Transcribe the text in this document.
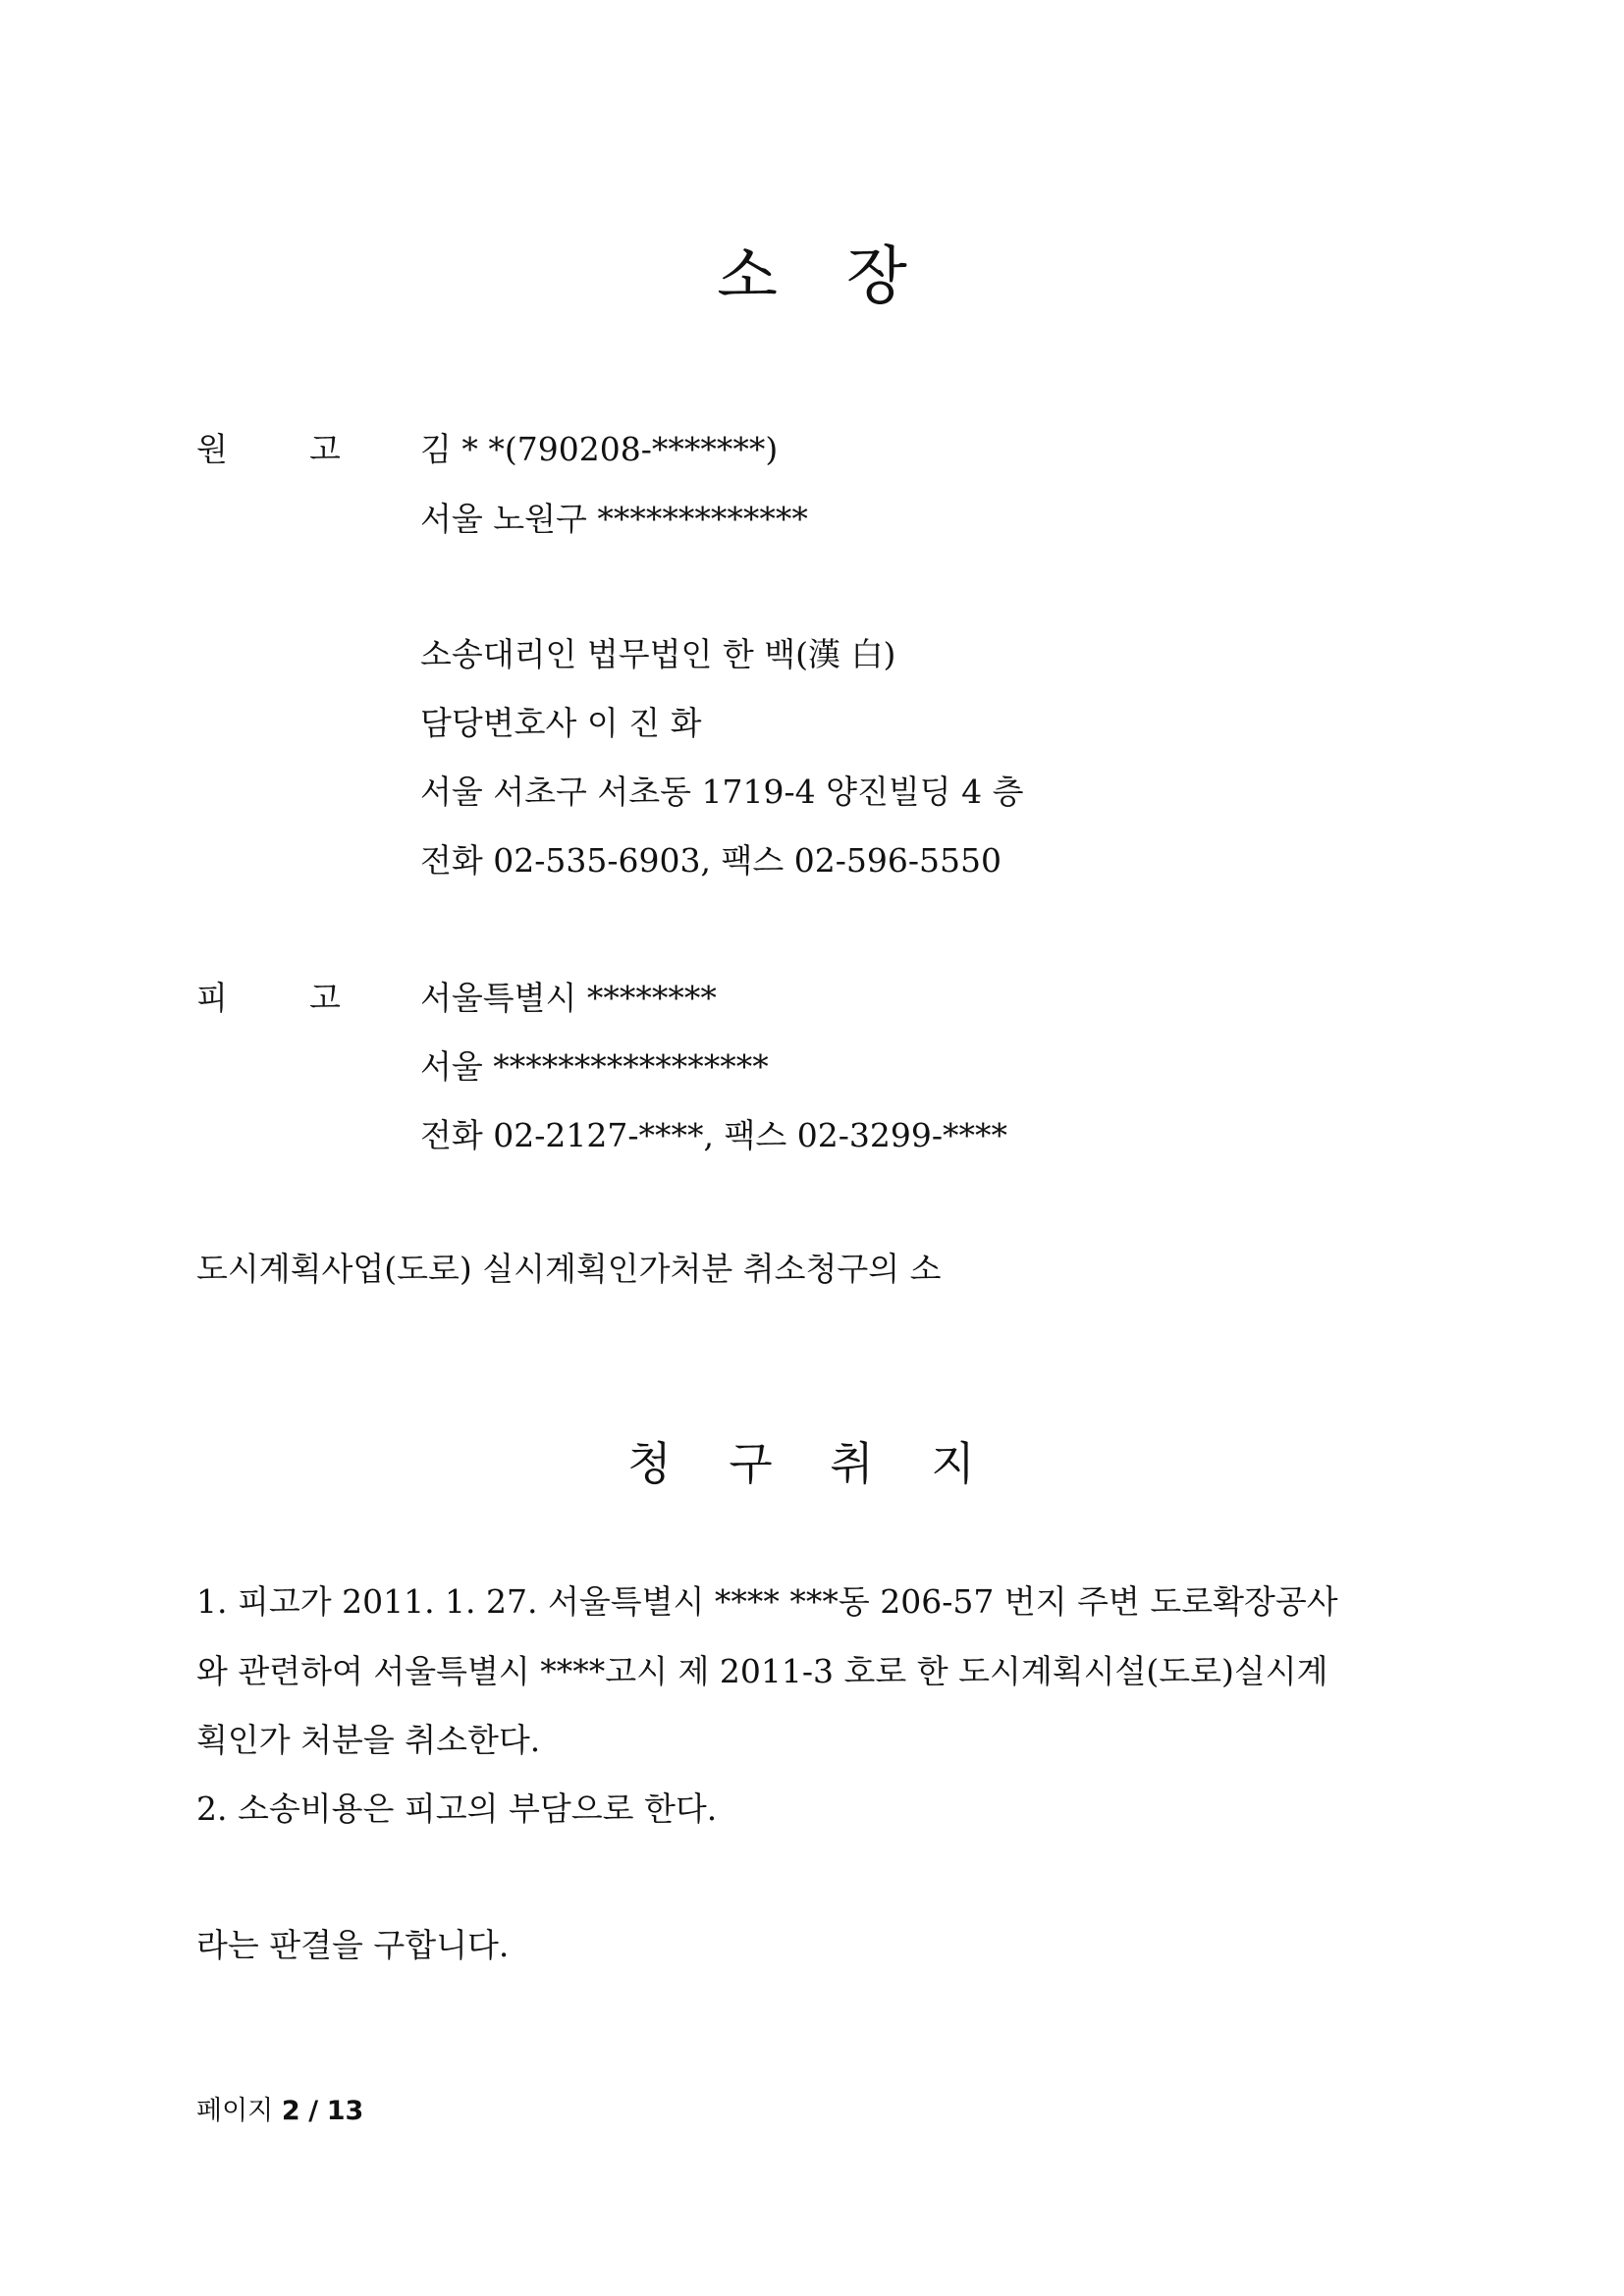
소 장
원	고 김 * *(790208-*******)
서울 노원구 *************
소송대리인 법무법인 한 백(漢 白)
담당변호사 이 진 화
서울 서초구 서초동 1719-4 양진빌딩 4 층
전화 02-535-6903, 팩스 02-596-5550
피	고 서울특별시 ********
서울 *****************
전화 02-2127-****, 팩스 02-3299-****
도시계획사업(도로) 실시계획인가처분 취소청구의 소
청 구 취 지
1. 피고가 2011. 1. 27. 서울특별시 **** ***동 206-57 번지 주변 도로확장공사
와 관련하여 서울특별시 ****고시 제 2011-3 호로 한 도시계획시설(도로)실시계
획인가 처분을 취소한다.
2. 소송비용은 피고의 부담으로 한다.
라는 판결을 구합니다.
페이지 2 / 13
